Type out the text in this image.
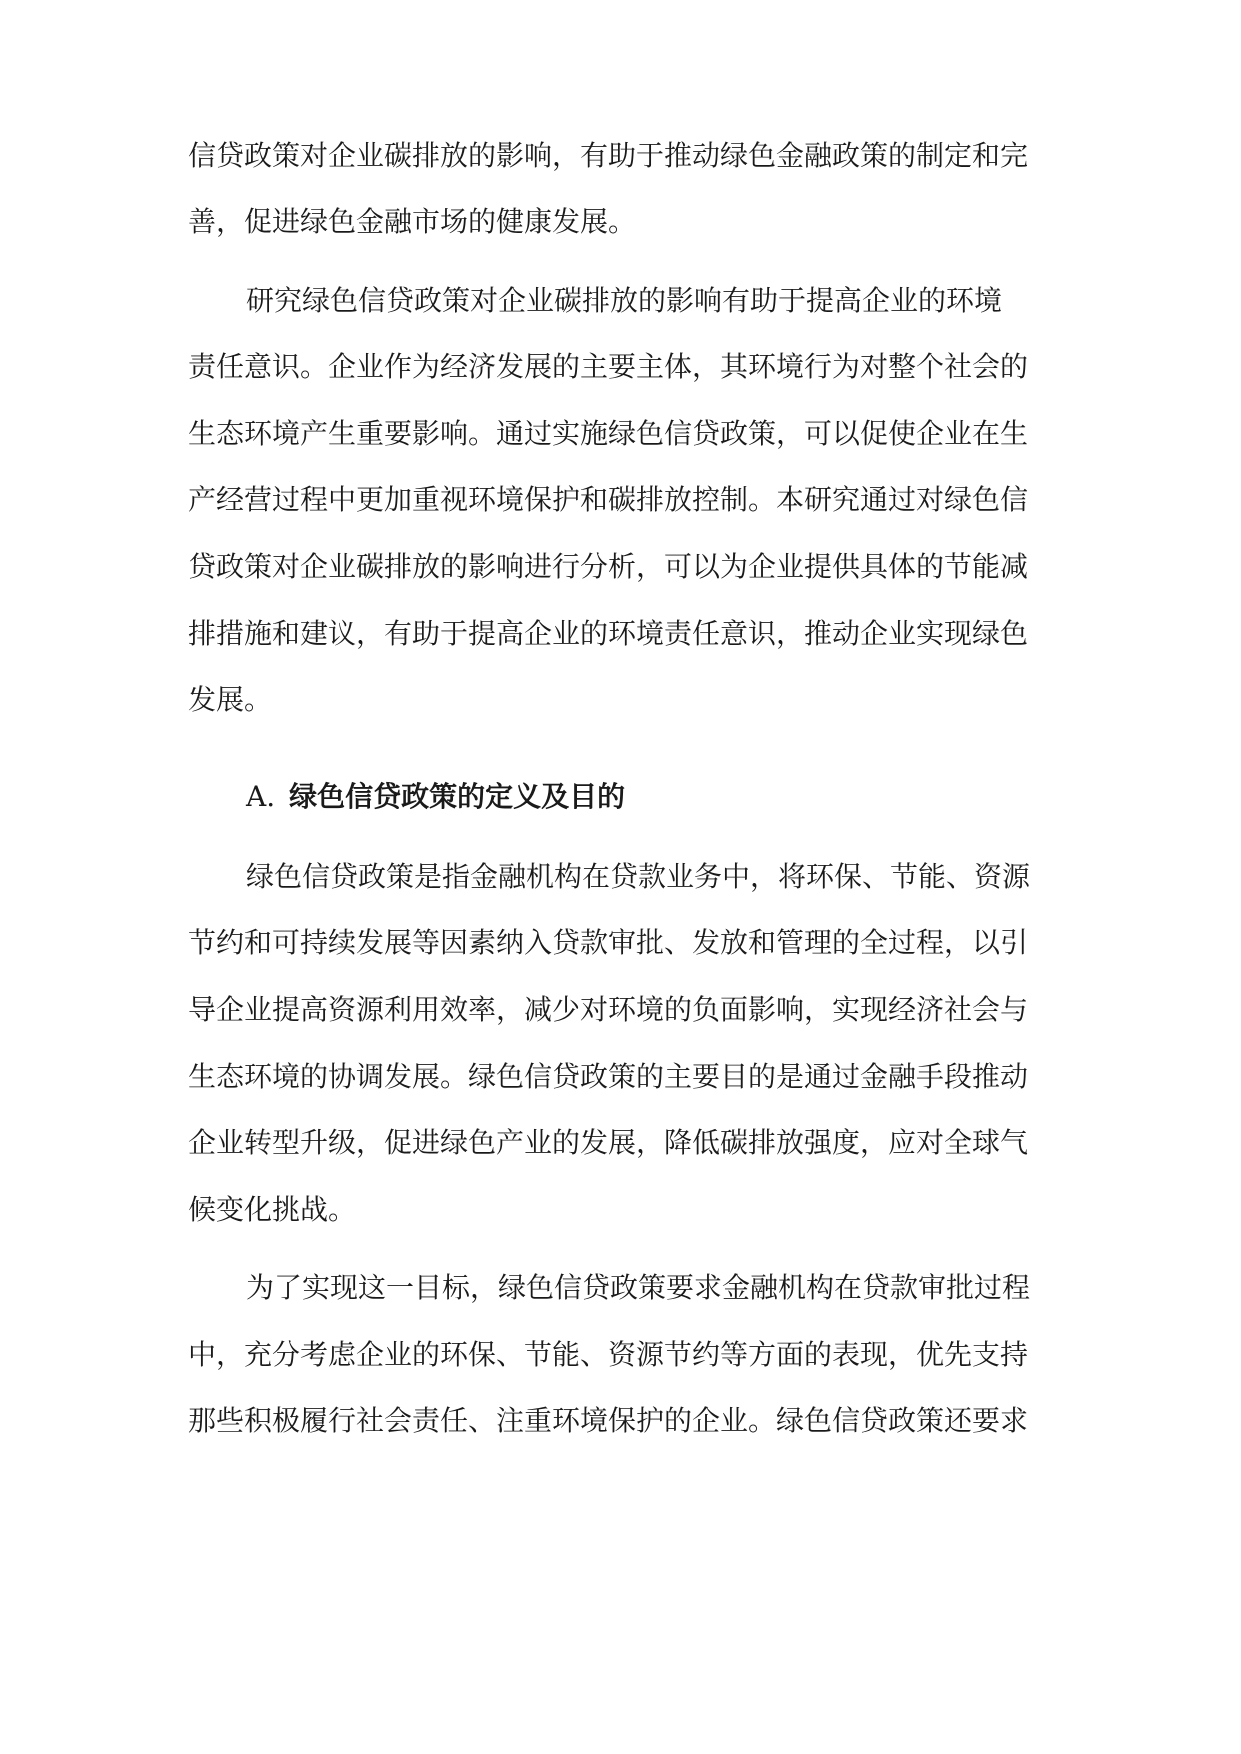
信贷政策对企业碳排放的影响，有助于推动绿色金融政策的制定和完
善，促进绿色金融市场的健康发展。
研究绿色信贷政策对企业碳排放的影响有助于提高企业的环境
责任意识。企业作为经济发展的主要主体，其环境行为对整个社会的
生态环境产生重要影响。通过实施绿色信贷政策，可以促使企业在生
产经营过程中更加重视环境保护和碳排放控制。本研究通过对绿色信
贷政策对企业碳排放的影响进行分析，可以为企业提供具体的节能减
排措施和建议，有助于提高企业的环境责任意识，推动企业实现绿色
发展。
A. 绿色信贷政策的定义及目的
绿色信贷政策是指金融机构在贷款业务中，将环保、节能、资源
节约和可持续发展等因素纳入贷款审批、发放和管理的全过程，以引
导企业提高资源利用效率，减少对环境的负面影响，实现经济社会与
生态环境的协调发展。绿色信贷政策的主要目的是通过金融手段推动
企业转型升级，促进绿色产业的发展，降低碳排放强度，应对全球气
候变化挑战。
为了实现这一目标，绿色信贷政策要求金融机构在贷款审批过程
中，充分考虑企业的环保、节能、资源节约等方面的表现，优先支持
那些积极履行社会责任、注重环境保护的企业。绿色信贷政策还要求
